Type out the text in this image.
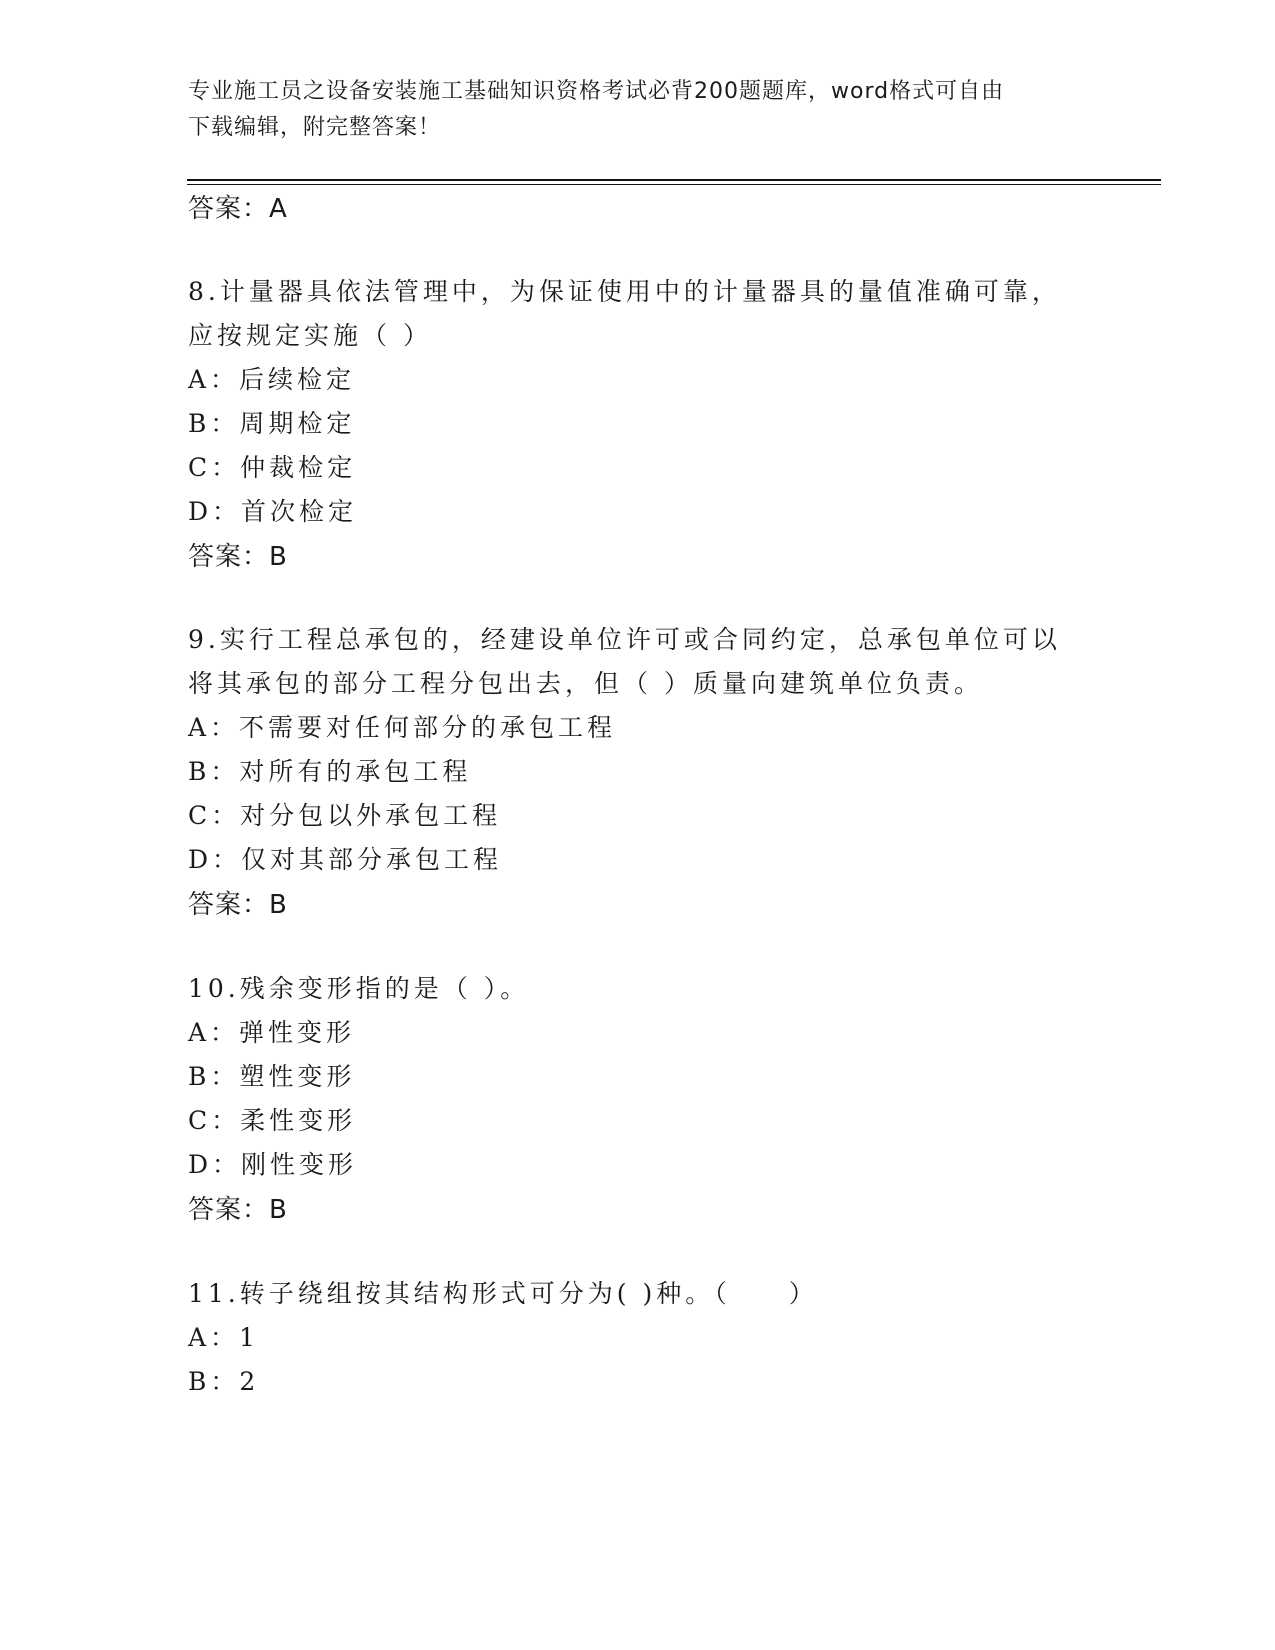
专业施工员之设备安装施工基础知识资格考试必背200题题库，word格式可自由
下载编辑，附完整答案！
答案：A
8.计量器具依法管理中，为保证使用中的计量器具的量值准确可靠，
应按规定实施（ ）
A：后续检定
B：周期检定
C：仲裁检定
D：首次检定
答案：B
9.实行工程总承包的，经建设单位许可或合同约定，总承包单位可以
将其承包的部分工程分包出去，但（ ）质量向建筑单位负责。
A：不需要对任何部分的承包工程
B：对所有的承包工程
C：对分包以外承包工程
D：仅对其部分承包工程
答案：B
10.残余变形指的是（ ）。
A：弹性变形
B：塑性变形
C：柔性变形
D：刚性变形
答案：B
11.转子绕组按其结构形式可分为( )种。（　　）
A：1
B：2
